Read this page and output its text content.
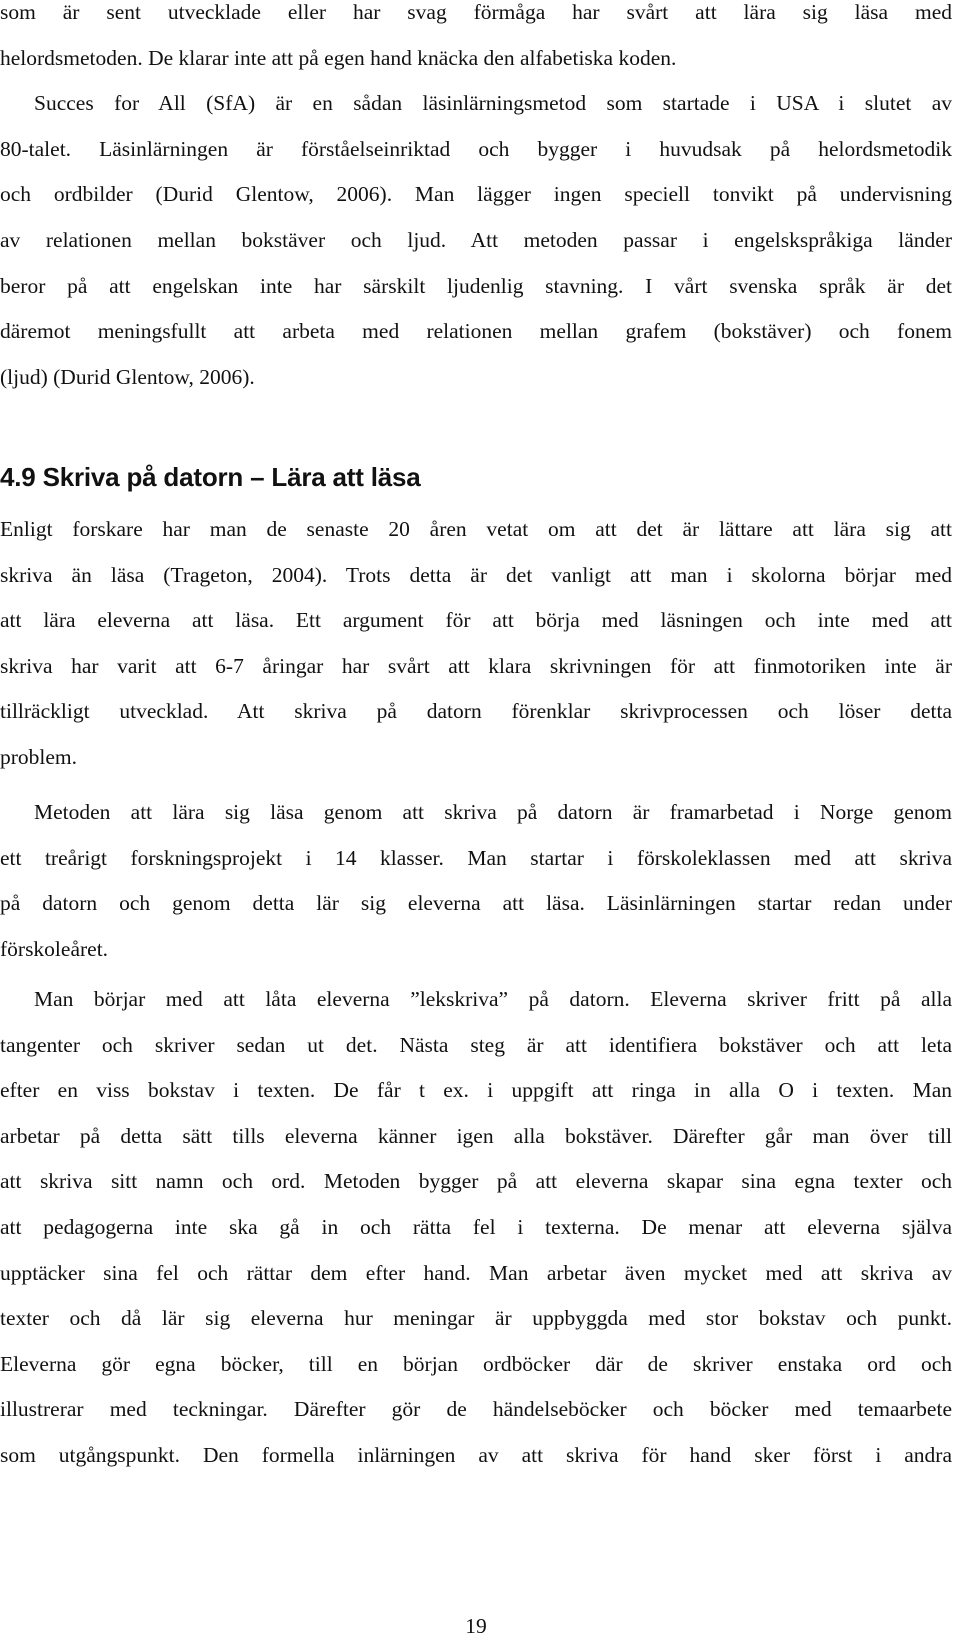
som är sent utvecklade eller har svag förmåga har svårt att lära sig läsa med
helordsmetoden. De klarar inte att på egen hand knäcka den alfabetiska koden.
Succes for All (SfA) är en sådan läsinlärningsmetod som startade i USA i slutet av
80-talet. Läsinlärningen är förståelseinriktad och bygger i huvudsak på helordsmetodik
och ordbilder (Durid Glentow, 2006). Man lägger ingen speciell tonvikt på undervisning
av relationen mellan bokstäver och ljud. Att metoden passar i engelskspråkiga länder
beror på att engelskan inte har särskilt ljudenlig stavning. I vårt svenska språk är det
däremot meningsfullt att arbeta med relationen mellan grafem (bokstäver) och fonem
(ljud) (Durid Glentow, 2006).
4.9 Skriva på datorn – Lära att läsa
Enligt forskare har man de senaste 20 åren vetat om att det är lättare att lära sig att
skriva än läsa (Trageton, 2004). Trots detta är det vanligt att man i skolorna börjar med
att lära eleverna att läsa. Ett argument för att börja med läsningen och inte med att
skriva har varit att 6-7 åringar har svårt att klara skrivningen för att finmotoriken inte är
tillräckligt utvecklad. Att skriva på datorn förenklar skrivprocessen och löser detta
problem.
Metoden att lära sig läsa genom att skriva på datorn är framarbetad i Norge genom
ett treårigt forskningsprojekt i 14 klasser. Man startar i förskoleklassen med att skriva
på datorn och genom detta lär sig eleverna att läsa. Läsinlärningen startar redan under
förskoleåret.
Man börjar med att låta eleverna ”lekskriva” på datorn. Eleverna skriver fritt på alla
tangenter och skriver sedan ut det. Nästa steg är att identifiera bokstäver och att leta
efter en viss bokstav i texten. De får t ex. i uppgift att ringa in alla O i texten. Man
arbetar på detta sätt tills eleverna känner igen alla bokstäver. Därefter går man över till
att skriva sitt namn och ord. Metoden bygger på att eleverna skapar sina egna texter och
att pedagogerna inte ska gå in och rätta fel i texterna. De menar att eleverna själva
upptäcker sina fel och rättar dem efter hand. Man arbetar även mycket med att skriva av
texter och då lär sig eleverna hur meningar är uppbyggda med stor bokstav och punkt.
Eleverna gör egna böcker, till en början ordböcker där de skriver enstaka ord och
illustrerar med teckningar. Därefter gör de händelseböcker och böcker med temaarbete
som utgångspunkt. Den formella inlärningen av att skriva för hand sker först i andra
19
